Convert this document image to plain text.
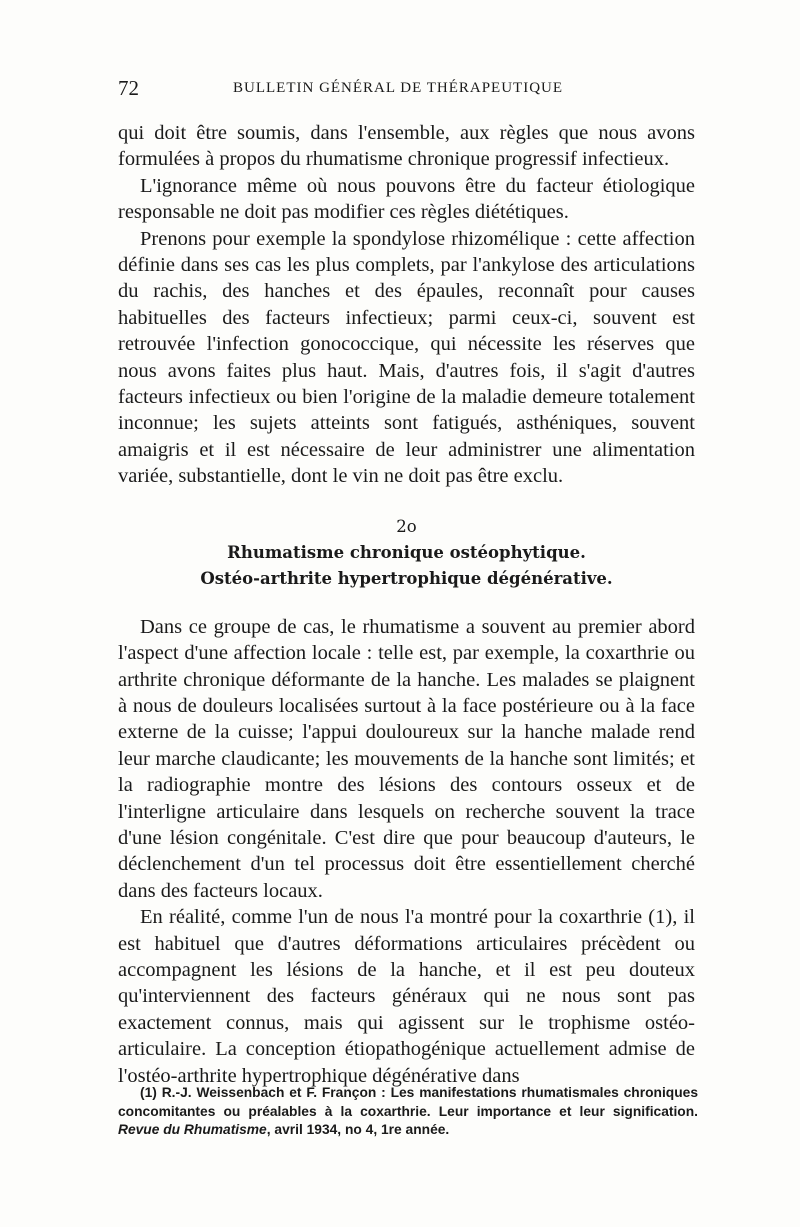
72	BULLETIN GÉNÉRAL DE THÉRAPEUTIQUE

qui doit être soumis, dans l'ensemble, aux règles que nous avons formulées à propos du rhumatisme chronique progressif infectieux.

L'ignorance même où nous pouvons être du facteur étiologique responsable ne doit pas modifier ces règles diététiques.

Prenons pour exemple la spondylose rhizomélique : cette affection définie dans ses cas les plus complets, par l'ankylose des articulations du rachis, des hanches et des épaules, reconnaît pour causes habituelles des facteurs infectieux; parmi ceux-ci, souvent est retrouvée l'infection gonococcique, qui nécessite les réserves que nous avons faites plus haut. Mais, d'autres fois, il s'agit d'autres facteurs infectieux ou bien l'origine de la maladie demeure totalement inconnue; les sujets atteints sont fatigués, asthéniques, souvent amaigris et il est nécessaire de leur administrer une alimentation variée, substantielle, dont le vin ne doit pas être exclu.

2o
Rhumatisme chronique ostéophytique.
Ostéo-arthrite hypertrophique dégénérative.

Dans ce groupe de cas, le rhumatisme a souvent au premier abord l'aspect d'une affection locale : telle est, par exemple, la coxarthrie ou arthrite chronique déformante de la hanche. Les malades se plaignent à nous de douleurs localisées surtout à la face postérieure ou à la face externe de la cuisse; l'appui douloureux sur la hanche malade rend leur marche claudicante; les mouvements de la hanche sont limités; et la radiographie montre des lésions des contours osseux et de l'interligne articulaire dans lesquels on recherche souvent la trace d'une lésion congénitale. C'est dire que pour beaucoup d'auteurs, le déclenchement d'un tel processus doit être essentiellement cherché dans des facteurs locaux.

En réalité, comme l'un de nous l'a montré pour la coxarthrie (1), il est habituel que d'autres déformations articulaires précèdent ou accompagnent les lésions de la hanche, et il est peu douteux qu'interviennent des facteurs généraux qui ne nous sont pas exactement connus, mais qui agissent sur le trophisme ostéo-articulaire. La conception étiopathogénique actuellement admise de l'ostéo-arthrite hypertrophique dégénérative dans

(1) R.-J. Weissenbach et F. Françon : Les manifestations rhumatismales chroniques concomitantes ou préalables à la coxarthrie. Leur importance et leur signification. Revue du Rhumatisme, avril 1934, no 4, 1re année.
